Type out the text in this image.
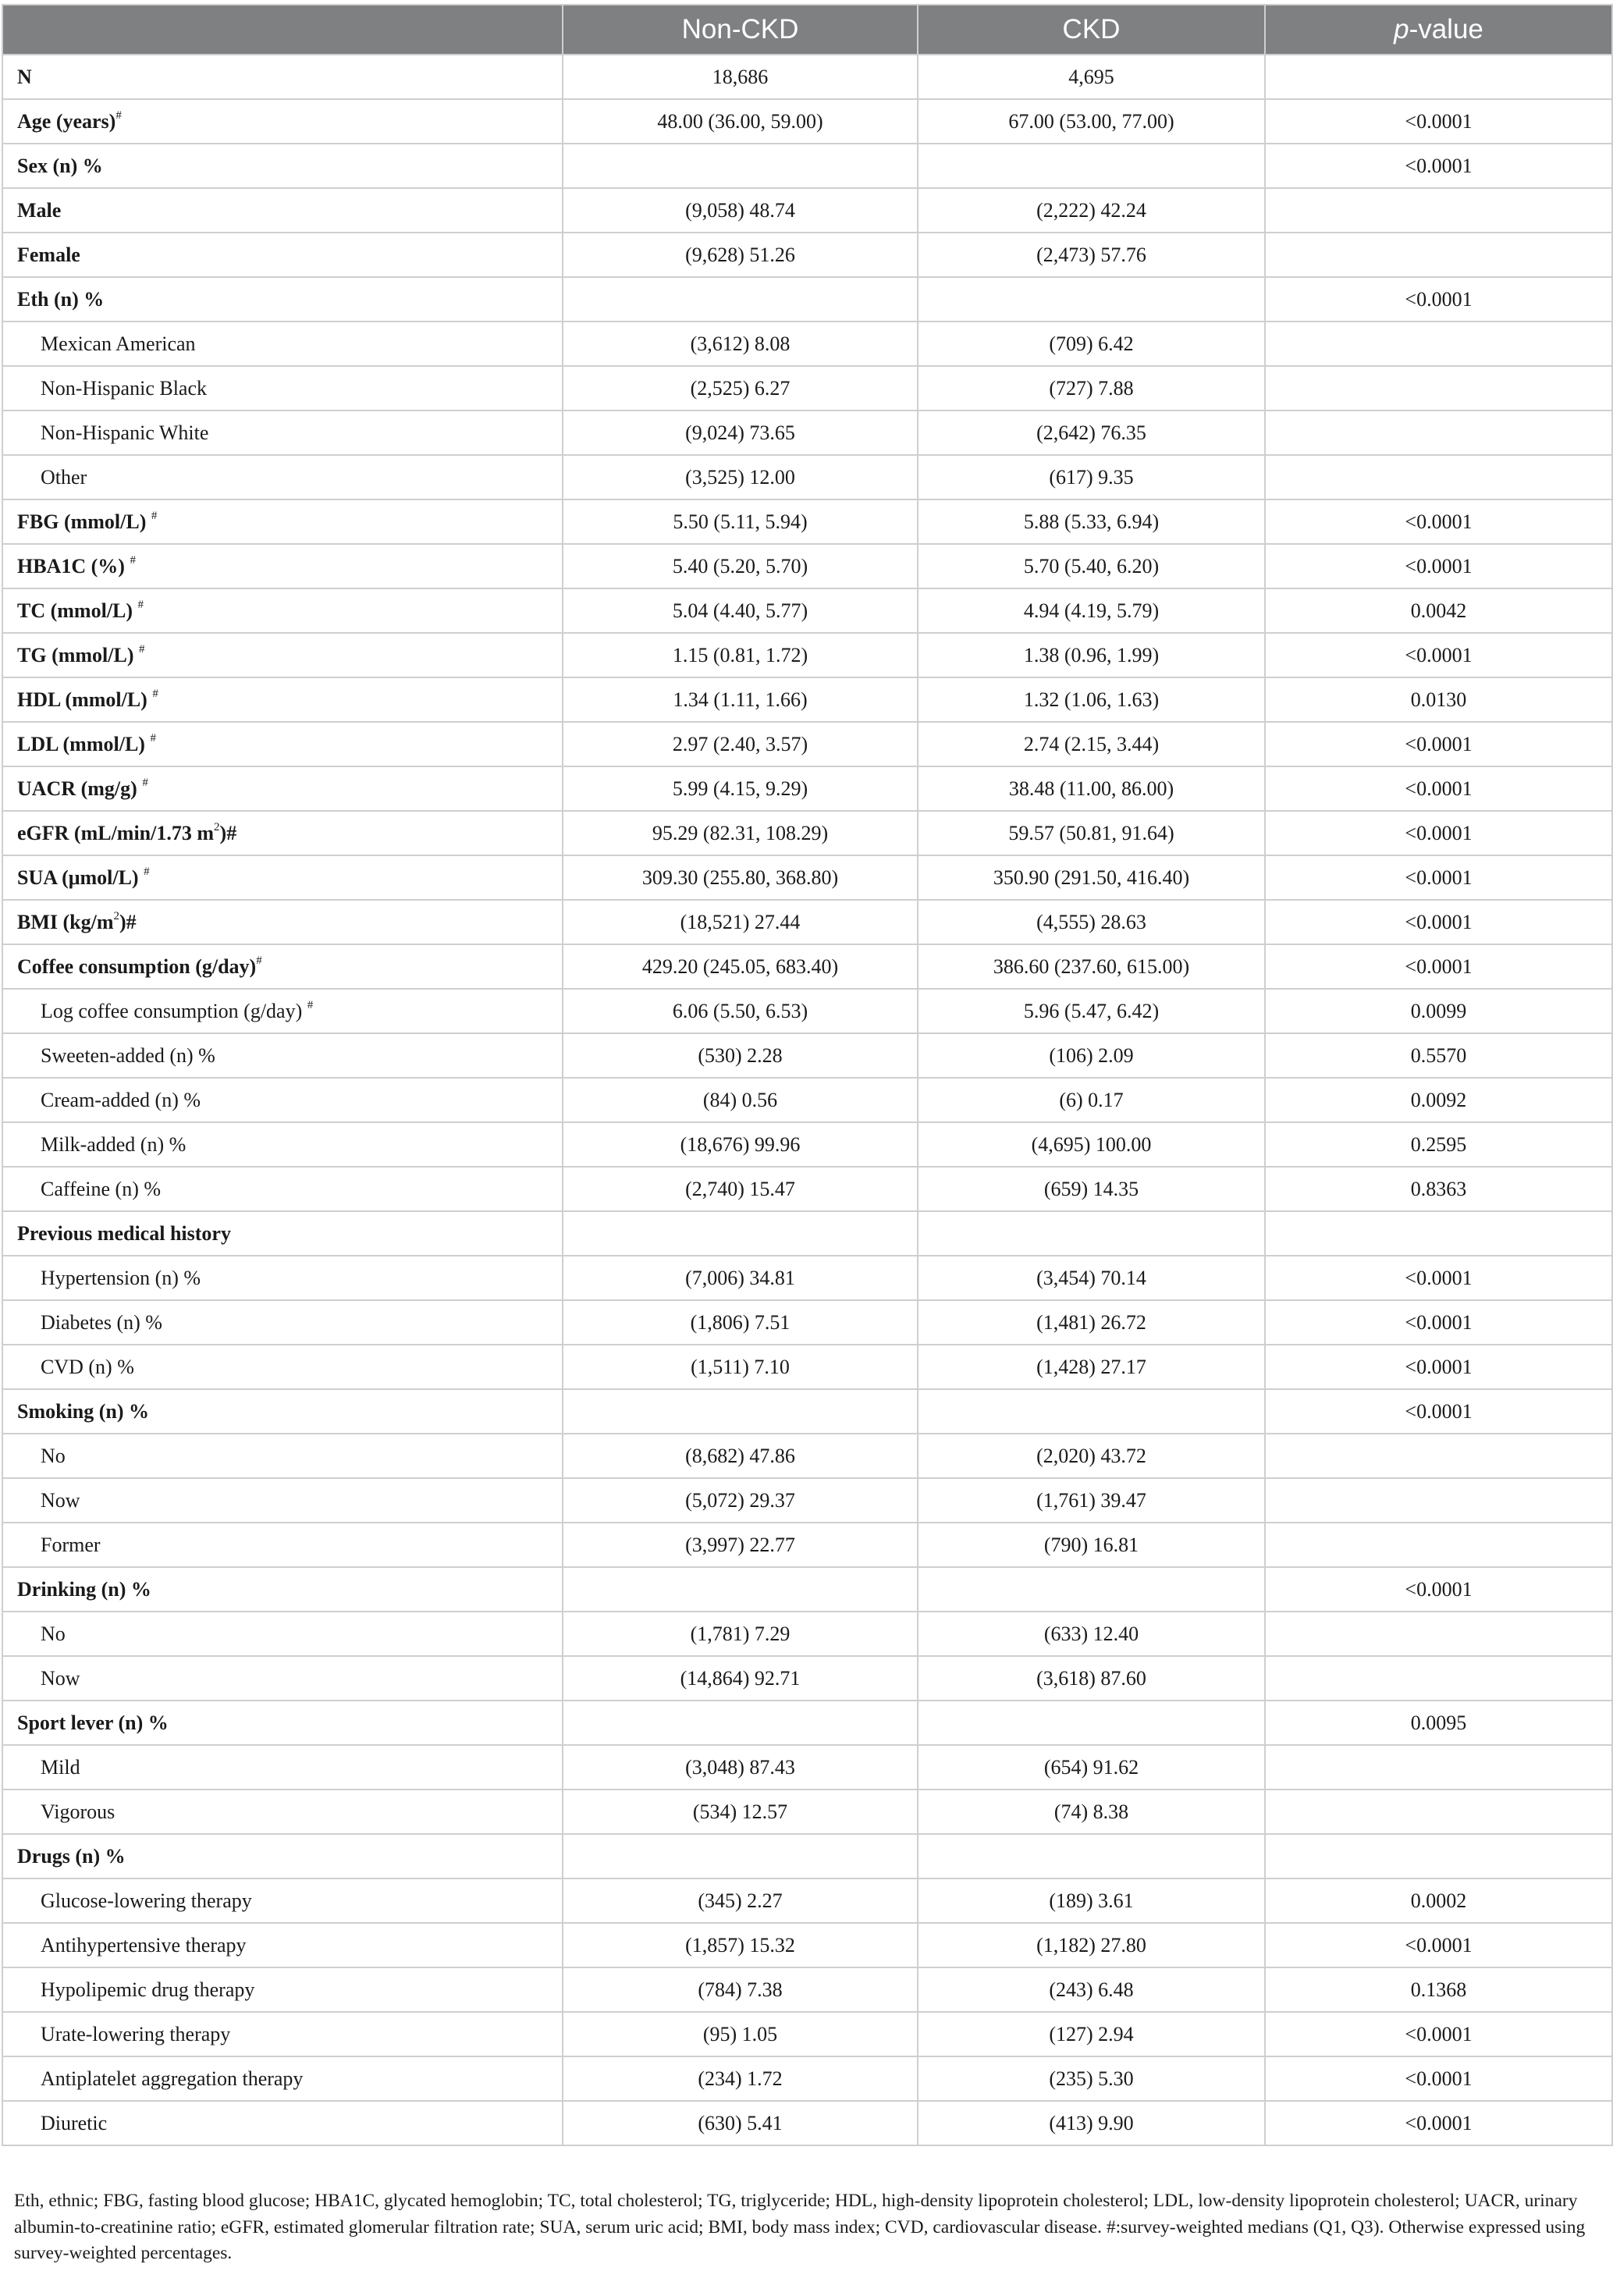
	Non-CKD	CKD	p-value
N	18,686	4,695	
Age (years)#	48.00 (36.00, 59.00)	67.00 (53.00, 77.00)	<0.0001
Sex (n) %			<0.0001
Male	(9,058) 48.74	(2,222) 42.24	
Female	(9,628) 51.26	(2,473) 57.76	
Eth (n) %			<0.0001
Mexican American	(3,612) 8.08	(709) 6.42	
Non-Hispanic Black	(2,525) 6.27	(727) 7.88	
Non-Hispanic White	(9,024) 73.65	(2,642) 76.35	
Other	(3,525) 12.00	(617) 9.35	
FBG (mmol/L) #	5.50 (5.11, 5.94)	5.88 (5.33, 6.94)	<0.0001
HBA1C (%) #	5.40 (5.20, 5.70)	5.70 (5.40, 6.20)	<0.0001
TC (mmol/L) #	5.04 (4.40, 5.77)	4.94 (4.19, 5.79)	0.0042
TG (mmol/L) #	1.15 (0.81, 1.72)	1.38 (0.96, 1.99)	<0.0001
HDL (mmol/L) #	1.34 (1.11, 1.66)	1.32 (1.06, 1.63)	0.0130
LDL (mmol/L) #	2.97 (2.40, 3.57)	2.74 (2.15, 3.44)	<0.0001
UACR (mg/g) #	5.99 (4.15, 9.29)	38.48 (11.00, 86.00)	<0.0001
eGFR (mL/min/1.73 $m^2)\#$	95.29 (82.31, 108.29)	59.57 (50.81, 91.64)	<0.0001
SUA (μmol/L) #	309.30 (255.80, 368.80)	350.90 (291.50, 416.40)	<0.0001
BMI $(kg/m^2)\#$	(18,521) 27.44	(4,555) 28.63	<0.0001
Coffee consumption (g/day)#	429.20 (245.05, 683.40)	386.60 (237.60, 615.00)	<0.0001
Log coffee consumption (g/day) #	6.06 (5.50, 6.53)	5.96 (5.47, 6.42)	0.0099
Sweeten-added (n) %	(530) 2.28	(106) 2.09	0.5570
Cream-added (n) %	(84) 0.56	(6) 0.17	0.0092
Milk-added (n) %	(18,676) 99.96	(4,695) 100.00	0.2595
Caffeine (n) %	(2,740) 15.47	(659) 14.35	0.8363
Previous medical history			
Hypertension (n) %	(7,006) 34.81	(3,454) 70.14	<0.0001
Diabetes (n) %	(1,806) 7.51	(1,481) 26.72	<0.0001
CVD (n) %	(1,511) 7.10	(1,428) 27.17	<0.0001
Smoking (n) %			<0.0001
No	(8,682) 47.86	(2,020) 43.72	
Now	(5,072) 29.37	(1,761) 39.47	
Former	(3,997) 22.77	(790) 16.81	
Drinking (n) %			<0.0001
No	(1,781) 7.29	(633) 12.40	
Now	(14,864) 92.71	(3,618) 87.60	
Sport lever (n) %			0.0095
Mild	(3,048) 87.43	(654) 91.62	
Vigorous	(534) 12.57	(74) 8.38	
Drugs (n) %			
Glucose-lowering therapy	(345) 2.27	(189) 3.61	0.0002
Antihypertensive therapy	(1,857) 15.32	(1,182) 27.80	<0.0001
Hypolipemic drug therapy	(784) 7.38	(243) 6.48	0.1368
Urate-lowering therapy	(95) 1.05	(127) 2.94	<0.0001
Antiplatelet aggregation therapy	(234) 1.72	(235) 5.30	<0.0001
Diuretic	(630) 5.41	(413) 9.90	<0.0001
Eth, ethnic; FBG, fasting blood glucose; HBA1C, glycated hemoglobin; TC, total cholesterol; TG, triglyceride; HDL, high-density lipoprotein cholesterol; LDL, low-density lipoprotein cholesterol; UACR, urinary albumin-to-creatinine ratio; eGFR, estimated glomerular filtration rate; SUA, serum uric acid; BMI, body mass index; CVD, cardiovascular disease. #:survey-weighted medians (Q1, Q3). Otherwise expressed using survey-weighted percentages.
